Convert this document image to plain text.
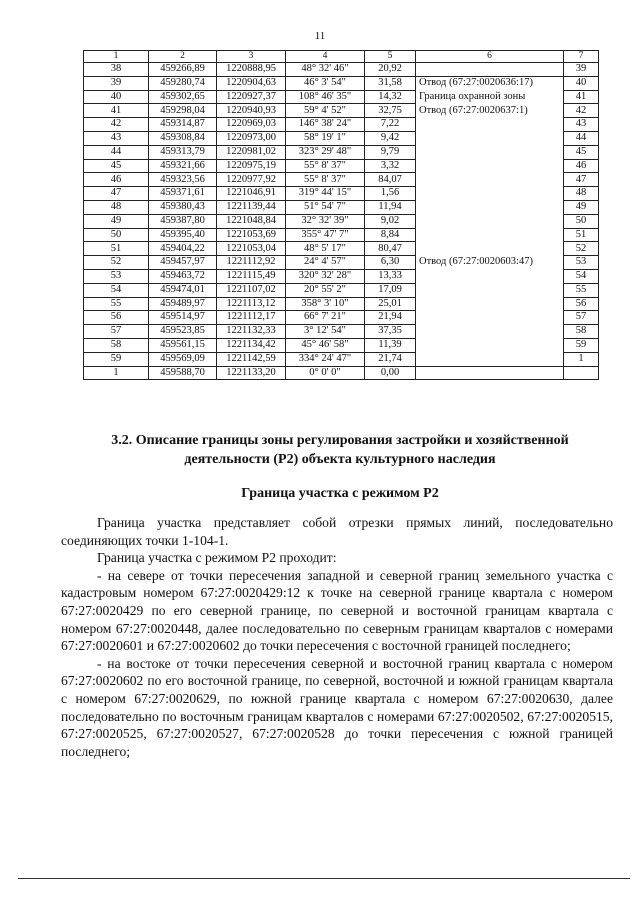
11
1	2	3	4	5	6	7
38	459266,89	1220888,95	48° 32' 46"	20,92		39
39	459280,74	1220904,63	46° 3' 54"	31,58	Отвод (67:27:0020636:17)	40
40	459302,65	1220927,37	108° 46' 35"	14,32	Граница охранной зоны	41
41	459298,04	1220940,93	59° 4' 52"	32,75	Отвод (67:27:0020637:1)	42
42	459314,87	1220969,03	146° 38' 24"	7,22		43
43	459308,84	1220973,00	58° 19' 1"	9,42		44
44	459313,79	1220981,02	323° 29' 48"	9,79		45
45	459321,66	1220975,19	55° 8' 37"	3,32		46
46	459323,56	1220977,92	55° 8' 37"	84,07		47
47	459371,61	1221046,91	319° 44' 15"	1,56		48
48	459380,43	1221139,44	51° 54' 7"	11,94		49
49	459387,80	1221048,84	32° 32' 39"	9,02		50
50	459395,40	1221053,69	355° 47' 7"	8,84		51
51	459404,22	1221053,04	48° 5' 17"	80,47		52
52	459457,97	1221112,92	24° 4' 57"	6,30	Отвод (67:27:0020603:47)	53
53	459463,72	1221115,49	320° 32' 28"	13,33		54
54	459474,01	1221107,02	20° 55' 2"	17,09		55
55	459489,97	1221113,12	358° 3' 10"	25,01		56
56	459514,97	1221112,17	66° 7' 21"	21,94		57
57	459523,85	1221132,33	3° 12' 54"	37,35		58
58	459561,15	1221134,42	45° 46' 58"	11,39		59
59	459569,09	1221142,59	334° 24' 47"	21,74		1
1	459588,70	1221133,20	0° 0' 0"	0,00		
3.2. Описание границы зоны регулирования застройки и хозяйственной деятельности (Р2) объекта культурного наследия
Граница участка с режимом Р2

Граница участка представляет собой отрезки прямых линий, последовательно соединяющих точки 1-104-1.

Граница участка с режимом Р2 проходит:

- на севере от точки пересечения западной и северной границ земельного участка с кадастровым номером 67:27:0020429:12 к точке на северной границе квартала с номером 67:27:0020429 по его северной границе, по северной и восточной границам квартала с номером 67:27:0020448, далее последовательно по северным границам кварталов с номерами 67:27:0020601 и 67:27:0020602 до точки пересечения с восточной границей последнего;

- на востоке от точки пересечения северной и восточной границ квартала с номером 67:27:0020602 по его восточной границе, по северной, восточной и южной границам квартала с номером 67:27:0020629, по южной границе квартала с номером 67:27:0020630, далее последовательно по восточным границам кварталов с номерами 67:27:0020502, 67:27:0020515, 67:27:0020525, 67:27:0020527, 67:27:0020528 до точки пересечения с южной границей последнего;
